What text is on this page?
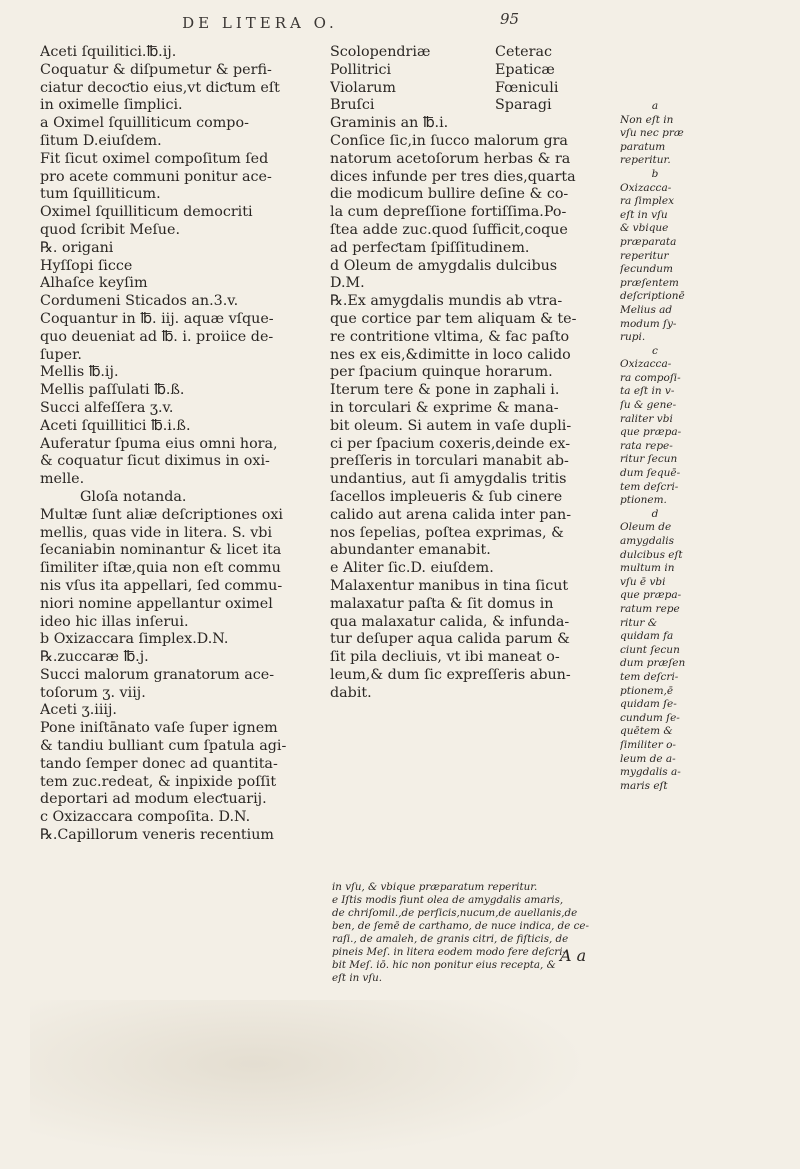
DE LITERA O.	95
Aceti ſquilitici.℔.ij.
Coquatur & diſpumetur & perfi-
ciatur decoƈtio eius,vt diƈtum eſt
in oximelle ſimplici.
a Oximel ſquilliticum compo-
ſitum D.eiuſdem.
Fit ſicut oximel compoſitum ſed
pro acete communi ponitur ace-
tum ſquilliticum.
Oximel ſquilliticum democriti
quod ſcribit Meſue.
℞. origani
Hyſſopi ſicce
Alhaſce keyſim
Cordumeni Sticados an.3.v.
Coquantur in ℔. iij. aquæ vſque-
quo deueniat ad ℔. i. proiice de-
ſuper.
Mellis ℔.ij.
Mellis paſſulati ℔.ß.
Succi alfeſſera ʒ.v.
Aceti ſquillitici ℔.i.ß.
Auferatur ſpuma eius omni hora,
& coquatur ſicut diximus in oxi-
melle.
Gloſa notanda.
Multæ ſunt aliæ deſcriptiones oxi
mellis, quas vide in litera. S. vbi
ſecaniabin nominantur & licet ita
ſimiliter iſtæ,quia non eſt commu
nis vſus ita appellari, ſed commu-
niori nomine appellantur oximel
ideo hic illas inſerui.
b Oxizaccara ſimplex.D.N.
℞.zuccaræ ℔.j.
Succi malorum granatorum ace-
toſorum ʒ. viij.
Aceti ʒ.iiij.
Pone iniſtānato vaſe ſuper ignem
& tandiu bulliant cum ſpatula agi-
tando ſemper donec ad quantita-
tem zuc.redeat, & inpixide poſſit
deportari ad modum eleƈtuarij.
c Oxizaccara compoſita. D.N.
℞.Capillorum veneris recentium
Scolopendriæ	Ceterac
Pollitrici	Epaticæ
Violarum	Fœniculi
Bruſci	Sparagi
Graminis an ℔.i.
Conſice ſic,in ſucco malorum gra
natorum acetoſorum herbas & ra
dices infunde per tres dies,quarta
die modicum bullire deſine & co-
la cum depreſſione fortiſſima.Po-
ſtea adde zuc.quod ſufficit,coque
ad perfeƈtam ſpiſſitudinem.
d Oleum de amygdalis dulcibus
D.M.
℞.Ex amygdalis mundis ab vtra-
que cortice par tem aliquam & te-
re contritione vltima, & fac paſto
nes ex eis,&dimitte in loco calido
per ſpacium quinque horarum.
Iterum tere & pone in zaphali i.
in torculari & exprime & mana-
bit oleum. Si autem in vaſe dupli-
ci per ſpacium coxeris,deinde ex-
preſſeris in torculari manabit ab-
undantius, aut ſi amygdalis tritis
ſacellos impleueris & ſub cinere
calido aut arena calida inter pan-
nos ſepelias, poſtea exprimas, &
abundanter emanabit.
e Aliter ſic.D. eiuſdem.
Malaxentur manibus in tina ſicut
malaxatur paſta & ſit domus in
qua malaxatur calida, & infunda-
tur deſuper aqua calida parum &
ſit pila decliuis, vt ibi maneat o-
leum,& dum ſic expreſſeris abun-
dabit.
a
Non eſt in
vſu nec præ
paratum
reperitur.
b
Oxizacca-
ra ſimplex
eſt in vſu
& vbique
præparata
reperitur
ſecundum
præſentem
deſcriptionē
Melius ad
modum ſy-
rupi.
c
Oxizacca-
ra compoſi-
ta eſt in v-
ſu & gene-
raliter vbi
que præpa-
rata repe-
ritur ſecun
dum ſequē-
tem deſcri-
ptionem.
d
Oleum de
amygdalis
dulcibus eſt
multum in
vſu ē vbi
que præpa-
ratum repe
ritur &
quidam fa
ciunt ſecun
dum præſen
tem deſcri-
ptionem,ē
quidam ſe-
cundum ſe-
quētem &
ſimiliter o-
leum de a-
mygdalis a-
maris eſt
in vſu, & vbique præparatum reperitur.
e Iſtis modis fiunt olea de amygdalis amaris,
de chriſomil.,de perſicis,nucum,de auellanis,de
ben, de ſemē de carthamo, de nuce indica, de ce-
raſi., de amaleh, de granis citri, de fiſticis, de
pineis Meſ. in litera eodem modo fere deſcri-
bit Meſ. iō. hic non ponitur eius recepta, &
eſt in vſu.
A a
